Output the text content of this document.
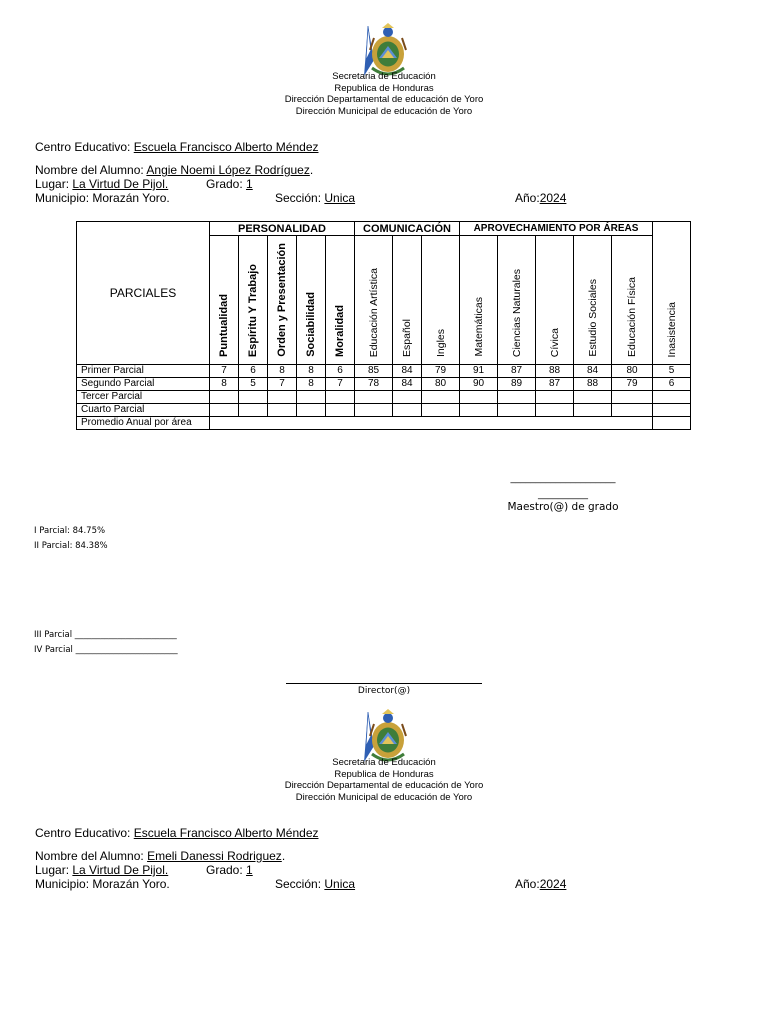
Secretaria de Educación
Republica de Honduras
Dirección Departamental de educación de Yoro
Dirección Municipal de educación de Yoro
Centro Educativo: Escuela Francisco Alberto Méndez
Nombre del Alumno: Angie Noemi López Rodríguez.
Lugar: La Virtud De Pijol.	Grado: 1
Municipio: Morazán Yoro.	Sección: Unica	Año:2024
PARCIALES	PERSONALIDAD					COMUNICACIÓN			APROVECHAMIENTO POR ÁREAS					Inasistencia
	Puntualidad	Espíritu Y Trabajo	Orden y Presentación	Sociabilidad	Moralidad	Educación Artística	Español	Ingles	Matemáticas	Ciencias Naturales	Cívica	Estudio Sociales	Educación Física	
Primer Parcial	7	6	8	8	6	85	84	79	91	87	88	84	80	5
Segundo Parcial	8	5	7	8	7	78	84	80	90	89	87	88	79	6
Tercer Parcial														
Cuarto Parcial														
Promedio Anual por área														
_____________________
__________
Maestro(@) de grado
I Parcial: 84.75%
II Parcial: 84.38%
III Parcial ________________________
IV Parcial ________________________
Director(@)
Secretaria de Educación
Republica de Honduras
Dirección Departamental de educación de Yoro
Dirección Municipal de educación de Yoro
Centro Educativo: Escuela Francisco Alberto Méndez
Nombre del Alumno: Emeli Danessi Rodriguez.
Lugar: La Virtud De Pijol.	Grado: 1
Municipio: Morazán Yoro.	Sección: Unica	Año:2024
